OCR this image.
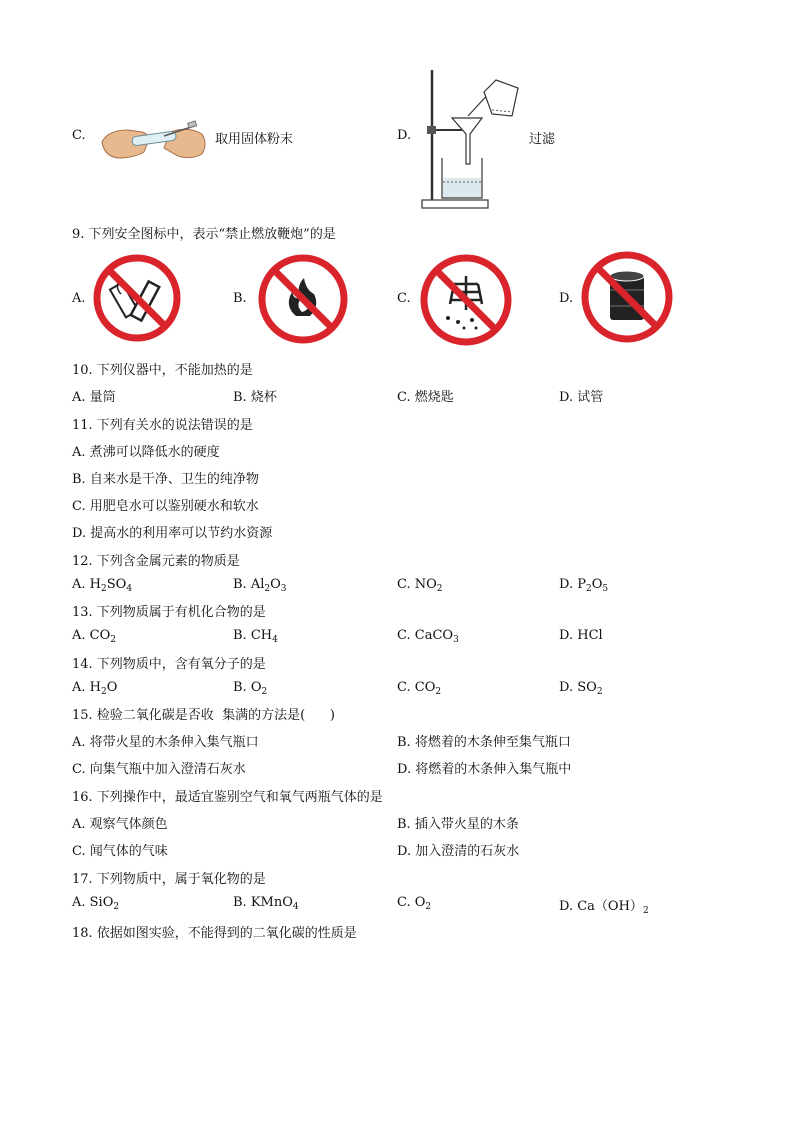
C.	取用固体粉末	D.	过滤
9. 下列安全图标中，表示“禁止燃放鞭炮”的是
A.	B.	C.	D.
10. 下列仪器中，不能加热的是
A. 量筒	B. 烧杯	C. 燃烧匙	D. 试管
11. 下列有关水的说法错误的是
A. 煮沸可以降低水的硬度
B. 自来水是干净、卫生的纯净物
C. 用肥皂水可以鉴别硬水和软水
D. 提高水的利用率可以节约水资源
12. 下列含金属元素的物质是
A. $H_2SO_4$	B. $Al_2O_3$	C. $NO_2$	D. $P_2O_5$
13. 下列物质属于有机化合物的是
A. $CO_2$	B. $CH_4$	C. CaCO$_3$	D. HCl
14. 下列物质中，含有氧分子的是
A. $H_2O$	B. $O_2$	C. $CO_2$	D. $SO_2$
15. 检验二氧化碳是否收  集满的方法是(      )
A. 将带火星的木条伸入集气瓶口	B. 将燃着的木条伸至集气瓶口
C. 向集气瓶中加入澄清石灰水	D. 将燃着的木条伸入集气瓶中
16. 下列操作中，最适宜鉴别空气和氧气两瓶气体的是
A. 观察气体颜色	B. 插入带火星的木条
C. 闻气体的气味	D. 加入澄清的石灰水
17. 下列物质中，属于氧化物的是
A. SiO$_2$	B. KMnO$_4$	C. $O_2$	D. $Ca(OH)_2$
18. 依据如图实验，不能得到的二氧化碳的性质是
